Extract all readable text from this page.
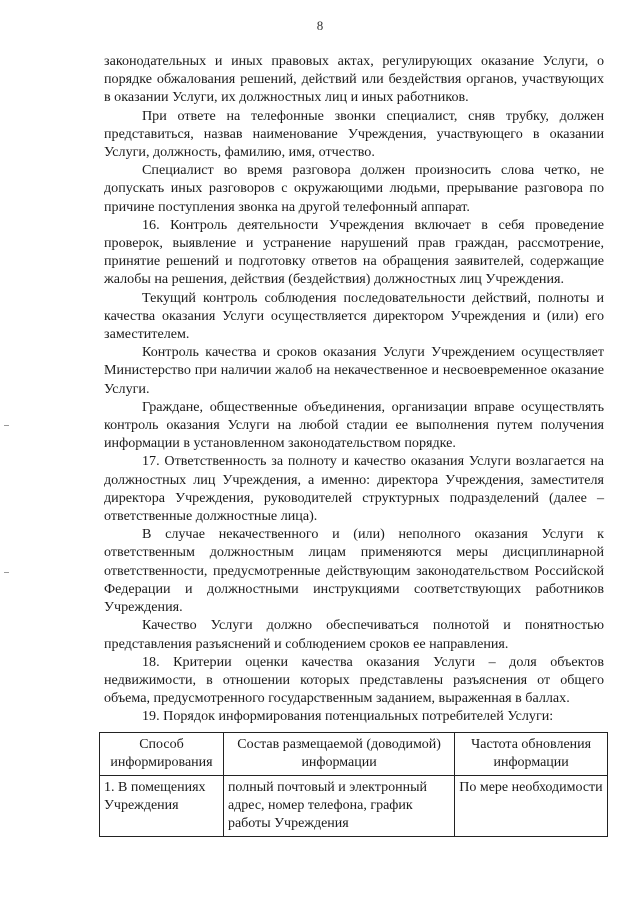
8

законодательных и иных правовых актах, регулирующих оказание Услуги, о порядке обжалования решений, действий или бездействия органов, участвующих в оказании Услуги, их должностных лиц и иных работников.

При ответе на телефонные звонки специалист, сняв трубку, должен представиться, назвав наименование Учреждения, участвующего в оказании Услуги, должность, фамилию, имя, отчество.

Специалист во время разговора должен произносить слова четко, не допускать иных разговоров с окружающими людьми, прерывание разговора по причине поступления звонка на другой телефонный аппарат.

16. Контроль деятельности Учреждения включает в себя проведение проверок, выявление и устранение нарушений прав граждан, рассмотрение, принятие решений и подготовку ответов на обращения заявителей, содержащие жалобы на решения, действия (бездействия) должностных лиц Учреждения.

Текущий контроль соблюдения последовательности действий, полноты и качества оказания Услуги осуществляется директором Учреждения и (или) его заместителем.

Контроль качества и сроков оказания Услуги Учреждением осуществляет Министерство при наличии жалоб на некачественное и несвоевременное оказание Услуги.

Граждане, общественные объединения, организации вправе осуществлять контроль оказания Услуги на любой стадии ее выполнения путем получения информации в установленном законодательством порядке.

17. Ответственность за полноту и качество оказания Услуги возлагается на должностных лиц Учреждения, а именно: директора Учреждения, заместителя директора Учреждения, руководителей структурных подразделений (далее – ответственные должностные лица).

В случае некачественного и (или) неполного оказания Услуги к ответственным должностным лицам применяются меры дисциплинарной ответственности, предусмотренные действующим законодательством Российской Федерации и должностными инструкциями соответствующих работников Учреждения.

Качество Услуги должно обеспечиваться полнотой и понятностью представления разъяснений и соблюдением сроков ее направления.

18. Критерии оценки качества оказания Услуги – доля объектов недвижимости, в отношении которых представлены разъяснения от общего объема, предусмотренного государственным заданием, выраженная в баллах.

19. Порядок информирования потенциальных потребителей Услуги:

Способ информирования	Состав размещаемой (доводимой) информации	Частота обновления информации
1. В помещениях Учреждения	полный почтовый и электронный адрес, номер телефона, график работы Учреждения	По мере необходимости
